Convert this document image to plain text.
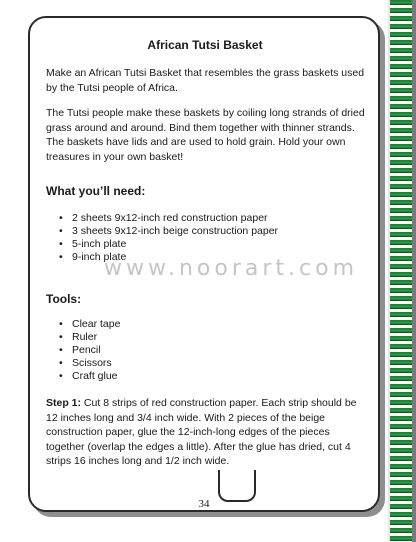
African Tutsi Basket
Make an African Tutsi Basket that resembles the grass baskets used by the Tutsi people of Africa.
The Tutsi people make these baskets by coiling long strands of dried grass around and around. Bind them together with thinner strands. The baskets have lids and are used to hold grain. Hold your own treasures in your own basket!
What you’ll need:
• 2 sheets 9x12-inch red construction paper
• 3 sheets 9x12-inch beige construction paper
• 5-inch plate
• 9-inch plate
www.noorart.com
Tools:
• Clear tape
• Ruler
• Pencil
• Scissors
• Craft glue
Step 1: Cut 8 strips of red construction paper. Each strip should be 12 inches long and 3/4 inch wide. With 2 pieces of the beige construction paper, glue the 12-inch-long edges of the pieces together (overlap the edges a little). After the glue has dried, cut 4 strips 16 inches long and 1/2 inch wide.
34
